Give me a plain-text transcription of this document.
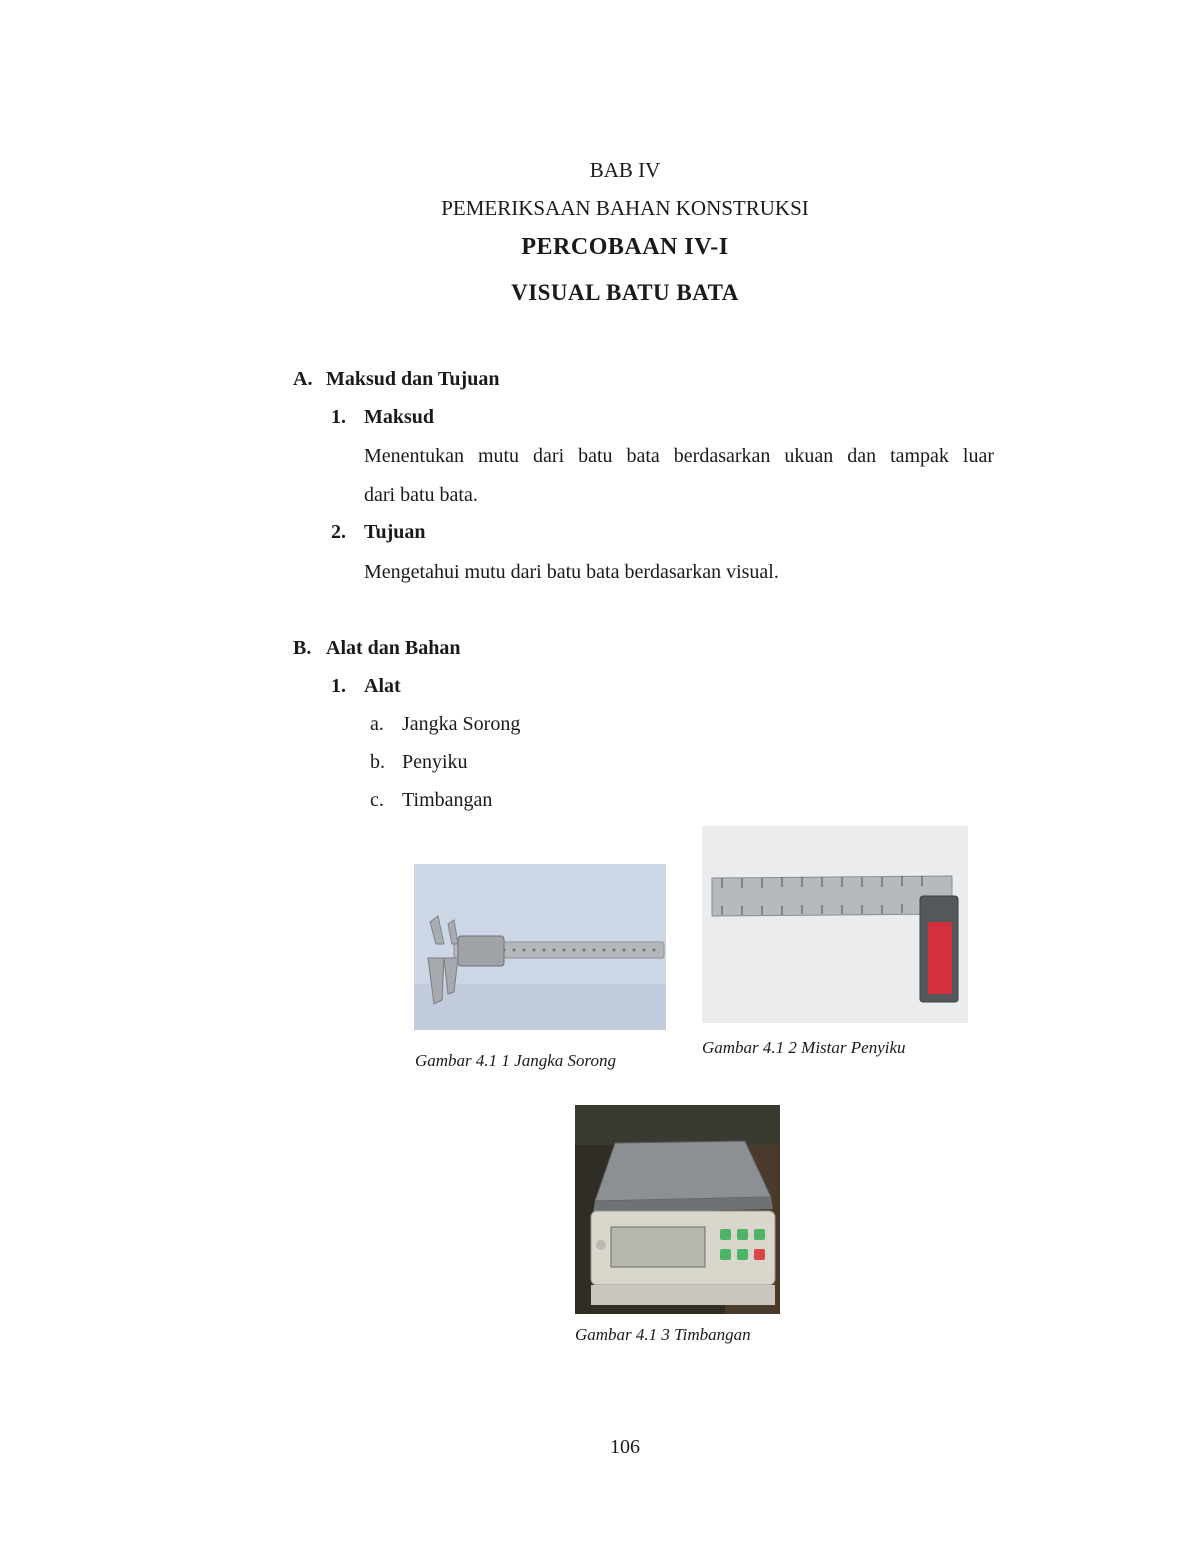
BAB IV
PEMERIKSAAN BAHAN KONSTRUKSI
PERCOBAAN IV-I
VISUAL BATU BATA
A. Maksud dan Tujuan
1. Maksud
Menentukan mutu dari batu bata berdasarkan ukuan dan tampak luar
dari batu bata.
2. Tujuan
Mengetahui mutu dari batu bata berdasarkan visual.
B. Alat dan Bahan
1. Alat
a. Jangka Sorong
b. Penyiku
c. Timbangan
Gambar 4.1 1 Jangka Sorong
Gambar 4.1 2 Mistar Penyiku
Gambar 4.1 3 Timbangan
106
